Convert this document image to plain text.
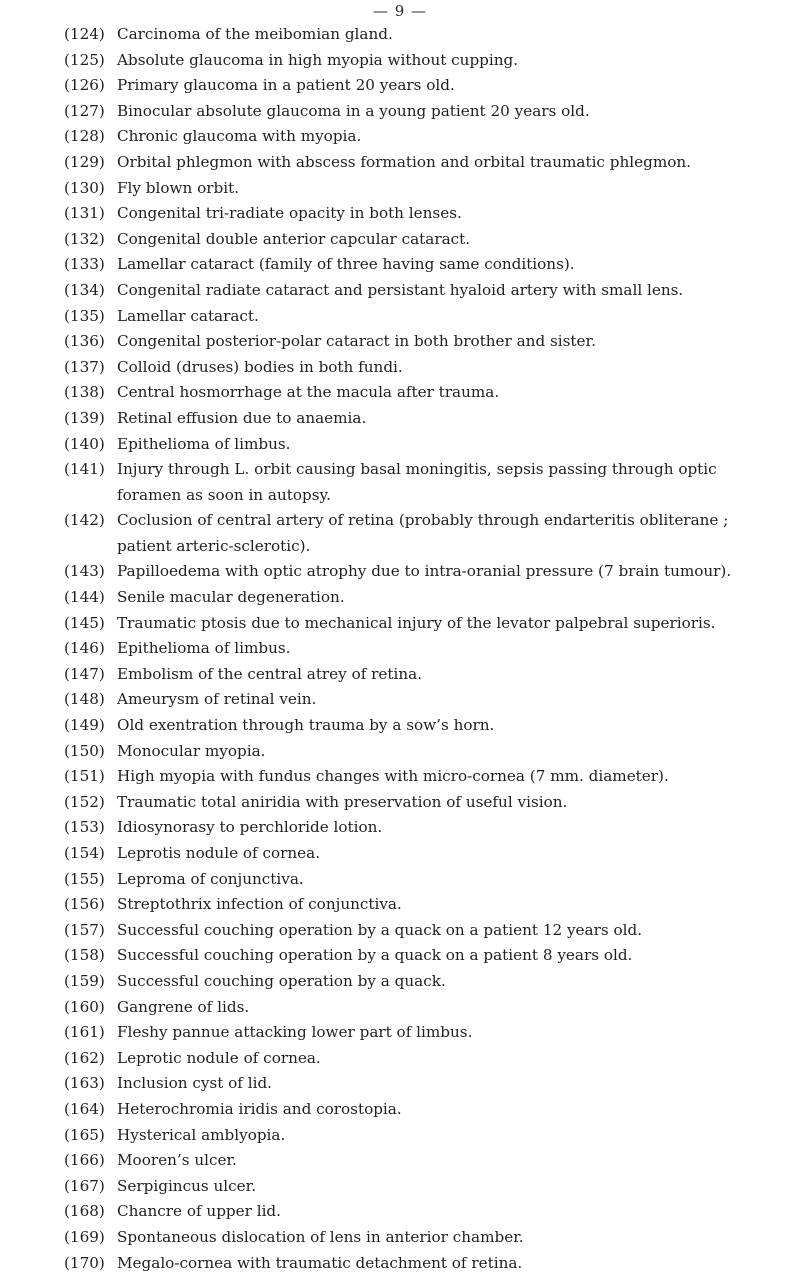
— 9 —
(124) Carcinoma of the meibomian gland.
(125) Absolute glaucoma in high myopia without cupping.
(126) Primary glaucoma in a patient 20 years old.
(127) Binocular absolute glaucoma in a young patient 20 years old.
(128) Chronic glaucoma with myopia.
(129) Orbital phlegmon with abscess formation and orbital traumatic phlegmon.
(130) Fly blown orbit.
(131) Congenital tri-radiate opacity in both lenses.
(132) Congenital double anterior capcular cataract.
(133) Lamellar cataract (family of three having same conditions).
(134) Congenital radiate cataract and persistant hyaloid artery with small lens.
(135) Lamellar cataract.
(136) Congenital posterior-polar cataract in both brother and sister.
(137) Colloid (druses) bodies in both fundi.
(138) Central hosmorrhage at the macula after trauma.
(139) Retinal effusion due to anaemia.
(140) Epithelioma of limbus.
(141) Injury through L. orbit causing basal moningitis, sepsis passing through optic foramen as soon in autopsy.
(142) Coclusion of central artery of retina (probably through endarteritis obliterane ; patient arteric-sclerotic).
(143) Papilloedema with optic atrophy due to intra-oranial pressure (7 brain tumour).
(144) Senile macular degeneration.
(145) Traumatic ptosis due to mechanical injury of the levator palpebral superioris.
(146) Epithelioma of limbus.
(147) Embolism of the central atrey of retina.
(148) Ameurysm of retinal vein.
(149) Old exentration through trauma by a sow’s horn.
(150) Monocular myopia.
(151) High myopia with fundus changes with micro-cornea (7 mm. diameter).
(152) Traumatic total aniridia with preservation of useful vision.
(153) Idiosynorasy to perchloride lotion.
(154) Leprotis nodule of cornea.
(155) Leproma of conjunctiva.
(156) Streptothrix infection of conjunctiva.
(157) Successful couching operation by a quack on a patient 12 years old.
(158) Successful couching operation by a quack on a patient 8 years old.
(159) Successful couching operation by a quack.
(160) Gangrene of lids.
(161) Fleshy pannue attacking lower part of limbus.
(162) Leprotic nodule of cornea.
(163) Inclusion cyst of lid.
(164) Heterochromia iridis and corostopia.
(165) Hysterical amblyopia.
(166) Mooren’s ulcer.
(167) Serpigincus ulcer.
(168) Chancre of upper lid.
(169) Spontaneous dislocation of lens in anterior chamber.
(170) Megalo-cornea with traumatic detachment of retina.
